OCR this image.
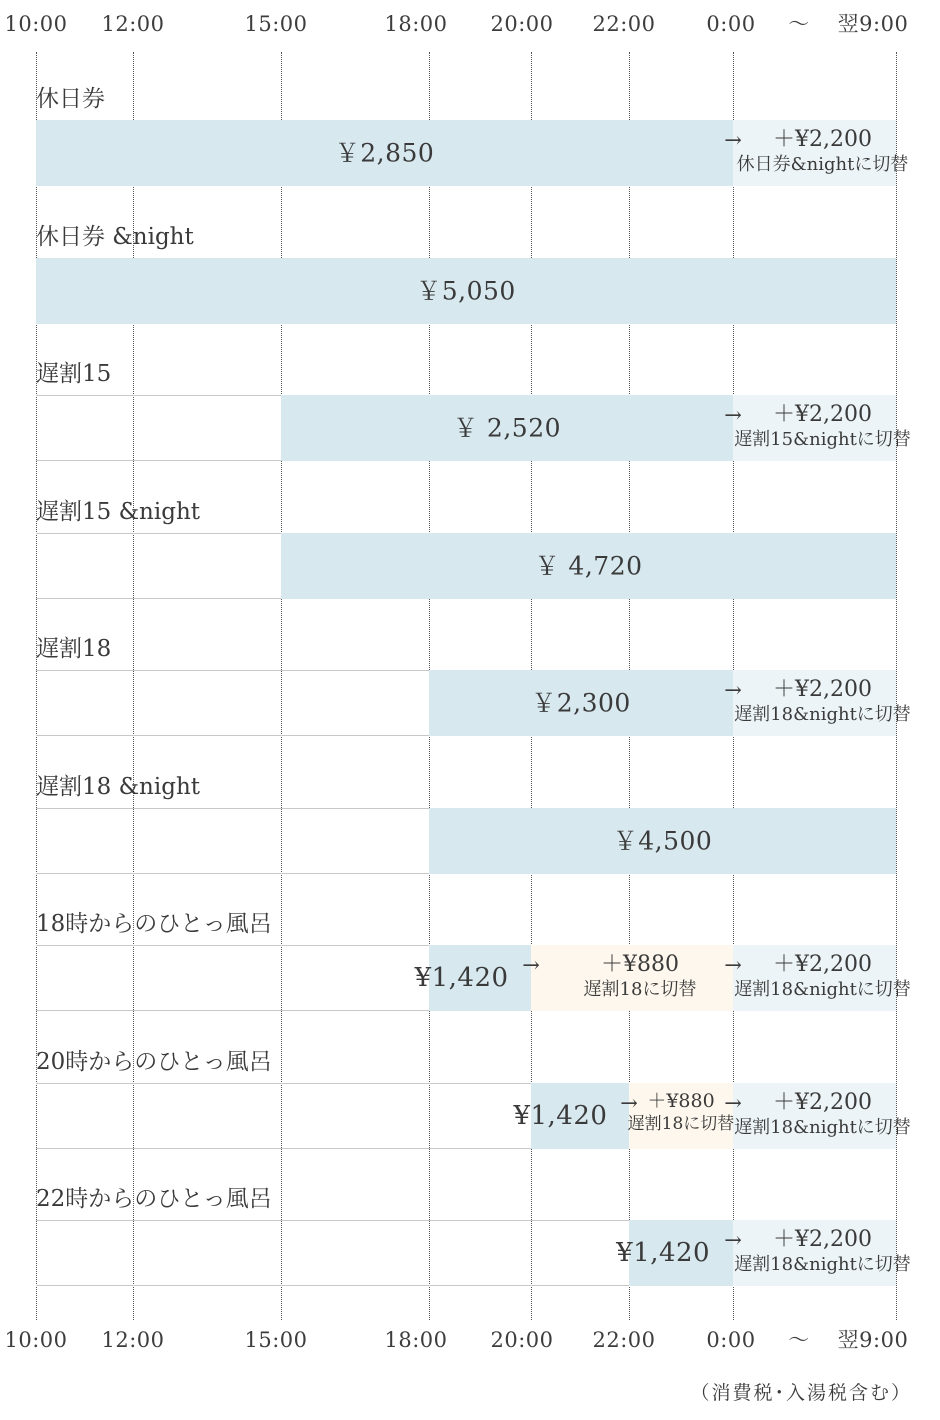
10:00 12:00	15:00	18:00 20:00 22:00 0:00 ～ 翌9:00
10:00 12:00	15:00	18:00 20:00 22:00 0:00 ～ 翌9:00
休日券
￥2,850	→	＋¥2,200
休日券&nightに切替
休日券 &night
￥5,050
遅割15
￥ 2,520	→	＋¥2,200
遅割15&nightに切替
遅割15 &night
￥ 4,720
遅割18
￥2,300	→	＋¥2,200
遅割18&nightに切替
遅割18 &night
￥4,500
18時からのひとっ風呂
¥1,420 →	＋¥880
遅割18に切替
→	＋¥2,200
遅割18&nightに切替
20時からのひとっ風呂
¥1,420 → ＋¥880
遅割18に切替
→	＋¥2,200
遅割18&nightに切替
22時からのひとっ風呂
¥1,420 →	＋¥2,200
遅割18&nightに切替
（消費税･入湯税含む）
